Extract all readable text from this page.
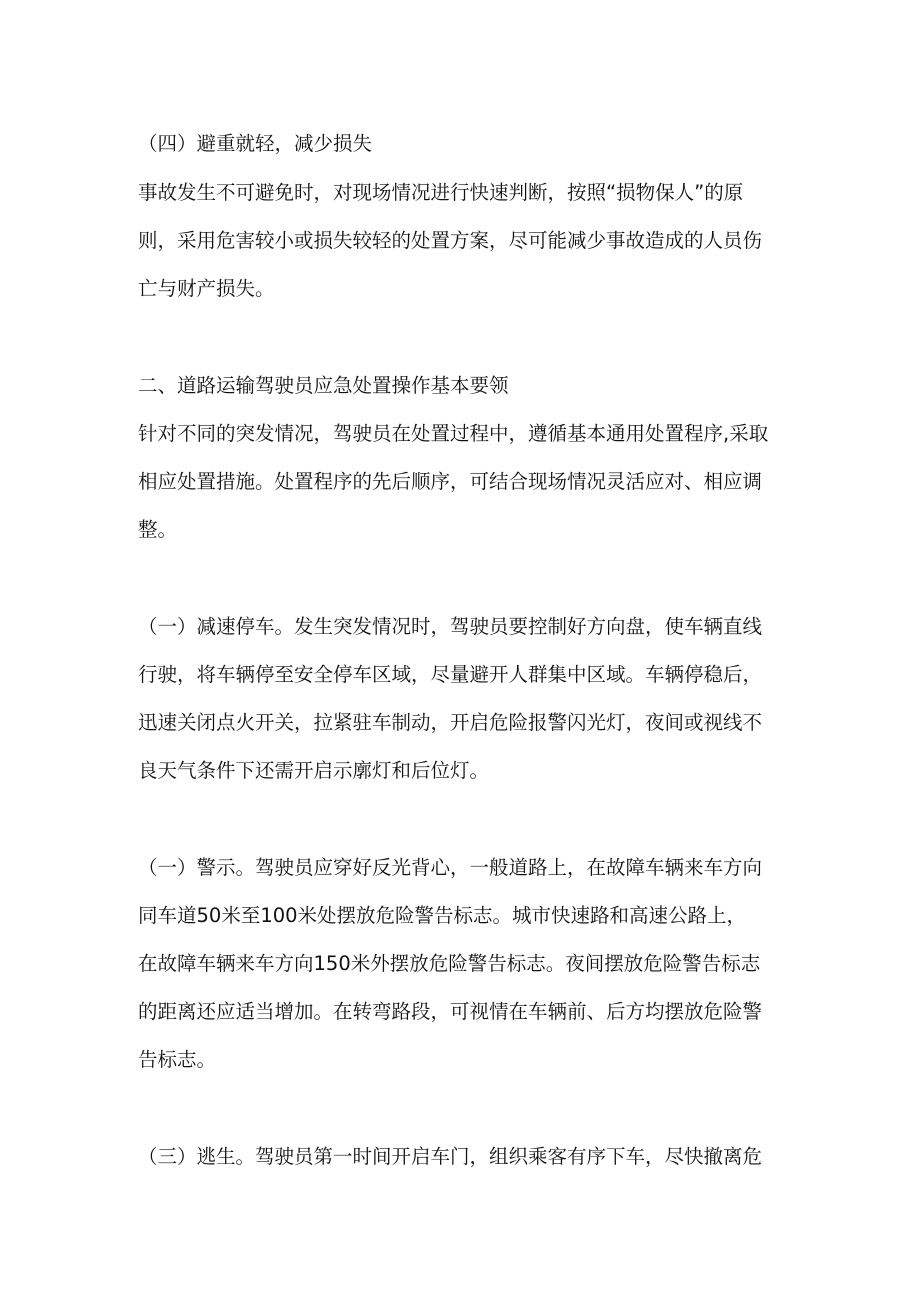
（四）避重就轻，减少损失

事故发生不可避免时，对现场情况进行快速判断，按照“损物保人”的原

则，采用危害较小或损失较轻的处置方案，尽可能减少事故造成的人员伤

亡与财产损失。

二、道路运输驾驶员应急处置操作基本要领

针对不同的突发情况，驾驶员在处置过程中，遵循基本通用处置程序,采取

相应处置措施。处置程序的先后顺序，可结合现场情况灵活应对、相应调

整。

（一）减速停车。发生突发情况时，驾驶员要控制好方向盘，使车辆直线

行驶，将车辆停至安全停车区域，尽量避开人群集中区域。车辆停稳后，

迅速关闭点火开关，拉紧驻车制动，开启危险报警闪光灯，夜间或视线不

良天气条件下还需开启示廓灯和后位灯。

（一）警示。驾驶员应穿好反光背心，一般道路上，在故障车辆来车方向

同车道50米至100米处摆放危险警告标志。城市快速路和高速公路上，

在故障车辆来车方向150米外摆放危险警告标志。夜间摆放危险警告标志

的距离还应适当增加。在转弯路段，可视情在车辆前、后方均摆放危险警

告标志。

（三）逃生。驾驶员第一时间开启车门，组织乘客有序下车，尽快撤离危
